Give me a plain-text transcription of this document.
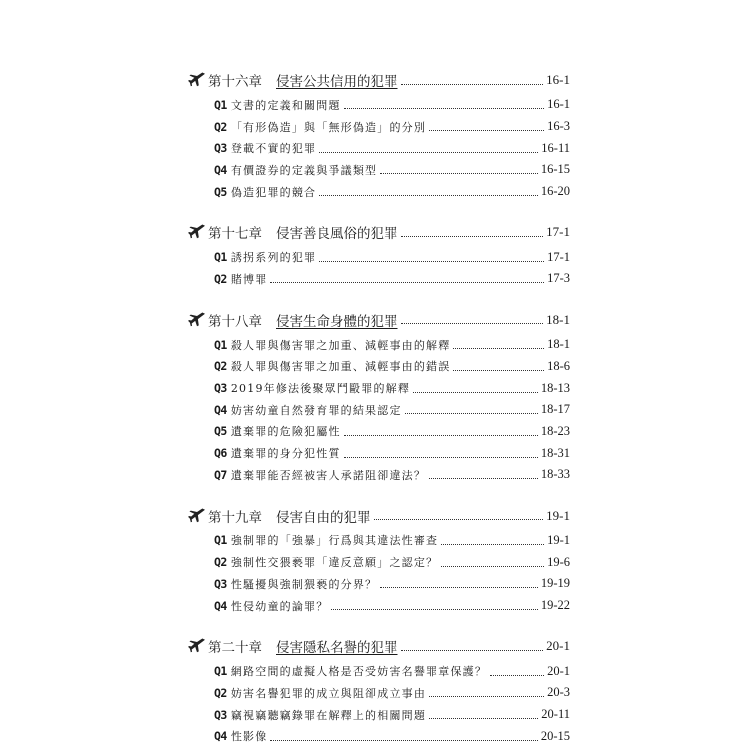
第十六章 侵害公共信用的犯罪	16-1
Q1 文書的定義和關問題	16-1
Q2 「有形偽造」與「無形偽造」的分別	16-3
Q3 登載不實的犯罪	16-11
Q4 有價證券的定義與爭議類型	16-15
Q5 偽造犯罪的競合	16-20
第十七章 侵害善良風俗的犯罪	17-1
Q1 誘拐系列的犯罪	17-1
Q2 賭博罪	17-3
第十八章 侵害生命身體的犯罪	18-1
Q1 殺人罪與傷害罪之加重、減輕事由的解釋	18-1
Q2 殺人罪與傷害罪之加重、減輕事由的錯誤	18-6
Q3 2019年修法後聚眾鬥毆罪的解釋	18-13
Q4 妨害幼童自然發育罪的結果認定	18-17
Q5 遺棄罪的危險犯屬性	18-23
Q6 遺棄罪的身分犯性質	18-31
Q7 遺棄罪能否經被害人承諾阻卻違法？	18-33
第十九章 侵害自由的犯罪	19-1
Q1 強制罪的「強暴」行爲與其違法性審查	19-1
Q2 強制性交猥褻罪「違反意願」之認定？	19-6
Q3 性騷擾與強制猥褻的分界？	19-19
Q4 性侵幼童的論罪？	19-22
第二十章 侵害隱私名譽的犯罪	20-1
Q1 網路空間的虛擬人格是否受妨害名譽罪章保護？	20-1
Q2 妨害名譽犯罪的成立與阻卻成立事由	20-3
Q3 竊視竊聽竊錄罪在解釋上的相關問題	20-11
Q4 性影像	20-15
